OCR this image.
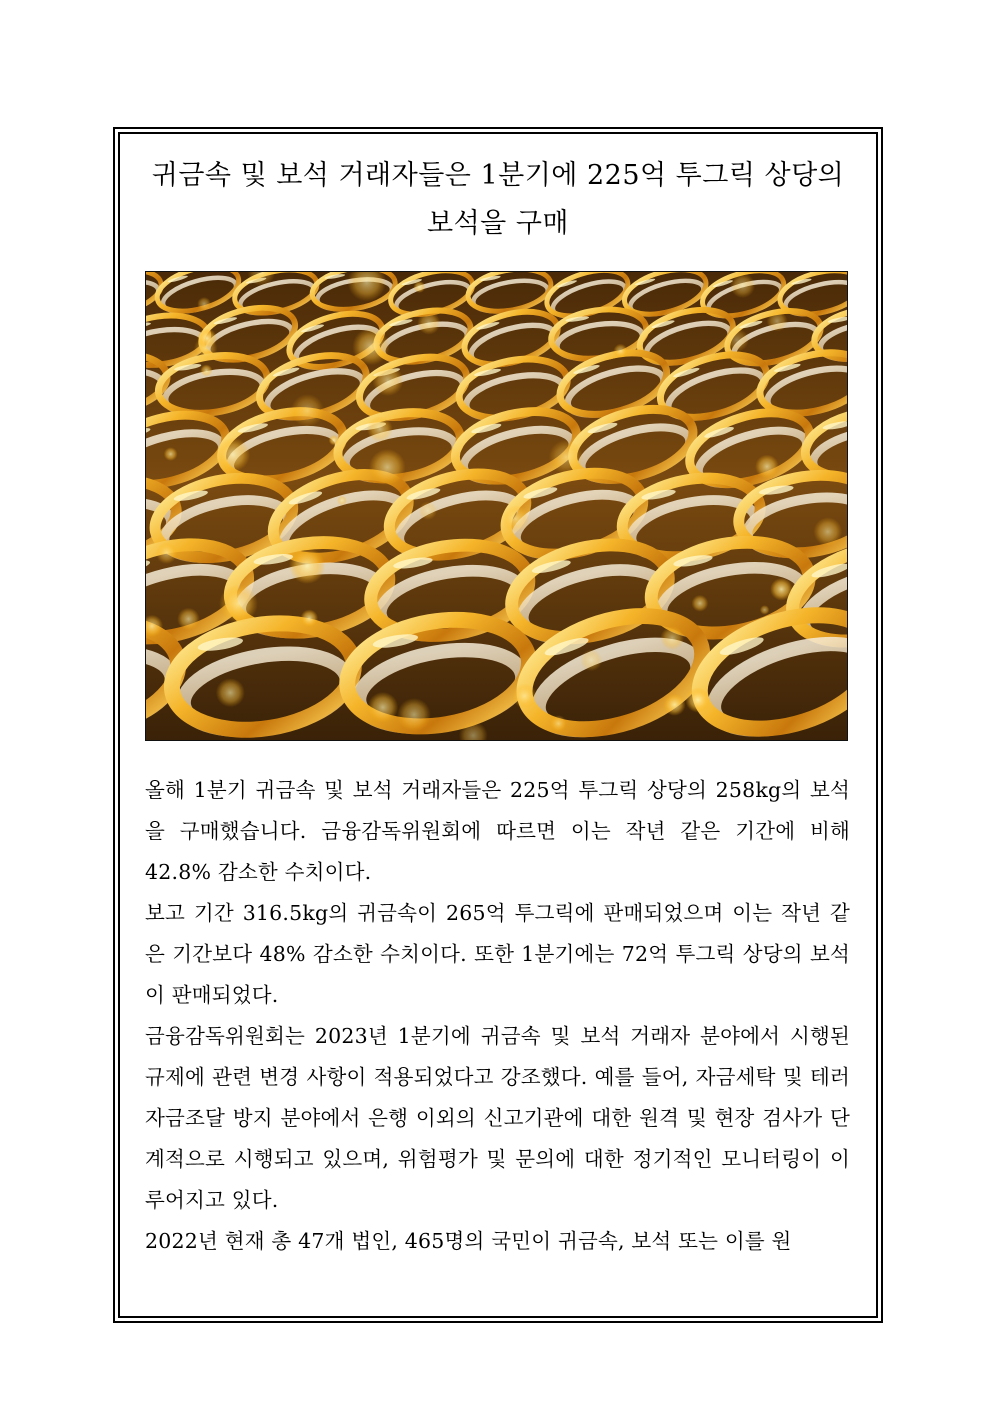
귀금속 및 보석 거래자들은 1분기에 225억 투그릭 상당의
보석을 구매

올해 1분기 귀금속 및 보석 거래자들은 225억 투그릭 상당의 258kg의 보석을 구매했습니다. 금융감독위원회에 따르면 이는 작년 같은 기간에 비해 42.8% 감소한 수치이다.

보고 기간 316.5kg의 귀금속이 265억 투그릭에 판매되었으며 이는 작년 같은 기간보다 48% 감소한 수치이다. 또한 1분기에는 72억 투그릭 상당의 보석이 판매되었다.

금융감독위원회는 2023년 1분기에 귀금속 및 보석 거래자 분야에서 시행된 규제에 관련 변경 사항이 적용되었다고 강조했다. 예를 들어, 자금세탁 및 테러 자금조달 방지 분야에서 은행 이외의 신고기관에 대한 원격 및 현장 검사가 단계적으로 시행되고 있으며, 위험평가 및 문의에 대한 정기적인 모니터링이 이루어지고 있다.

2022년 현재 총 47개 법인, 465명의 국민이 귀금속, 보석 또는 이를 원
